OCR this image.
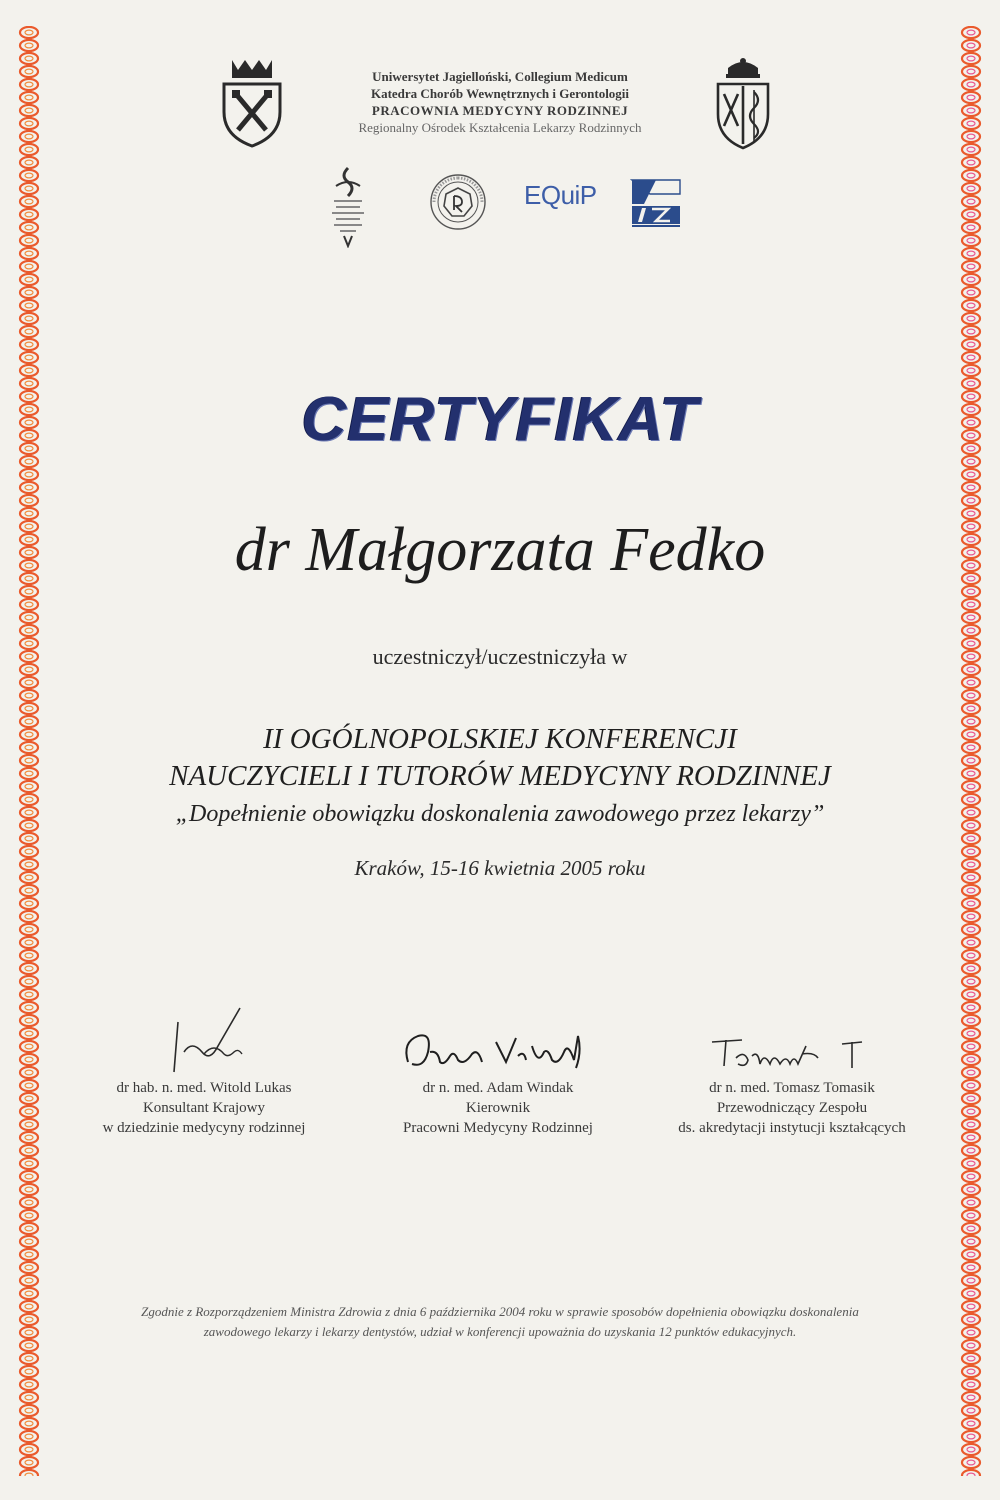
Uniwersytet Jagielloński, Collegium Medicum
Katedra Chorób Wewnętrznych i Gerontologii
PRACOWNIA MEDYCYNY RODZINNEJ
Regionalny Ośrodek Kształcenia Lekarzy Rodzinnych
EQuiP
CERTYFIKAT
dr Małgorzata Fedko
uczestniczył/uczestniczyła w
II OGÓLNOPOLSKIEJ KONFERENCJI
NAUCZYCIELI I TUTORÓW MEDYCYNY RODZINNEJ
„Dopełnienie obowiązku doskonalenia zawodowego przez lekarzy”
Kraków, 15-16 kwietnia 2005 roku
dr hab. n. med. Witold Lukas
Konsultant Krajowy
w dziedzinie medycyny rodzinnej
dr n. med. Adam Windak
Kierownik
Pracowni Medycyny Rodzinnej
dr n. med. Tomasz Tomasik
Przewodniczący Zespołu
ds. akredytacji instytucji kształcących
Zgodnie z Rozporządzeniem Ministra Zdrowia z dnia 6 października 2004 roku w sprawie sposobów dopełnienia obowiązku doskonalenia
zawodowego lekarzy i lekarzy dentystów, udział w konferencji upoważnia do uzyskania 12 punktów edukacyjnych.
